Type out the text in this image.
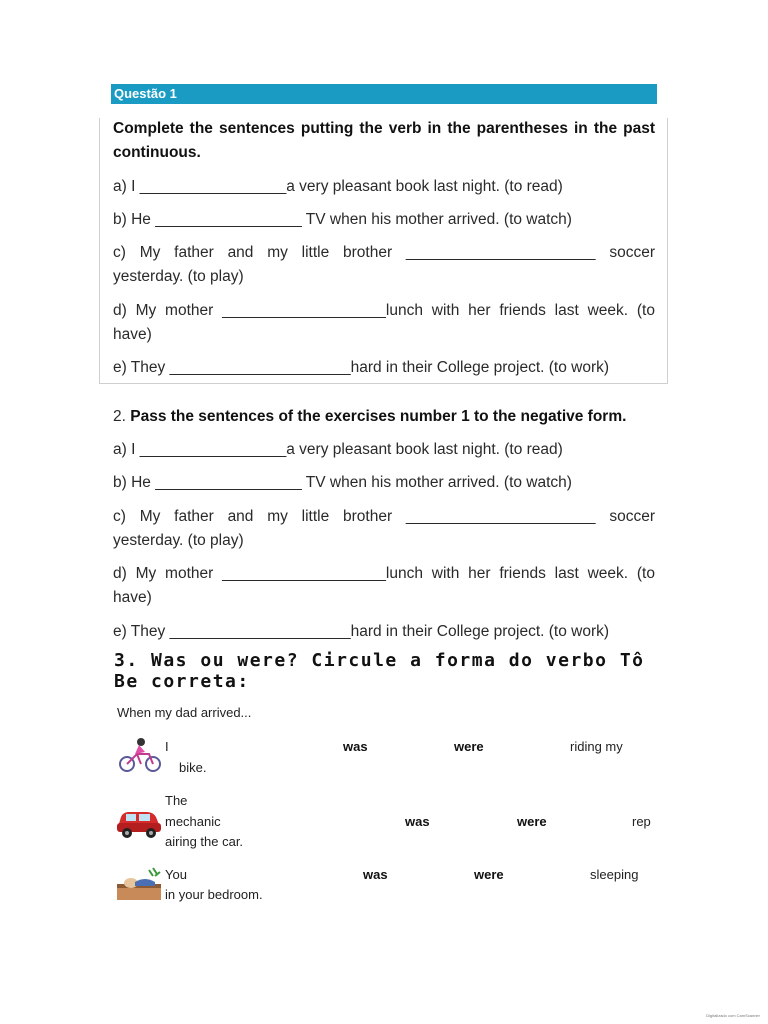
Questão 1
Complete the sentences putting the verb in the parentheses in the past continuous.
a) I _________________a very pleasant book last night. (to read)
b) He _________________ TV when his mother arrived. (to watch)
c) My father and my little brother ______________________ soccer
yesterday. (to play)
d) My mother ___________________lunch with her friends last week. (to
have)
e) They _____________________hard in their College project. (to work)
2. Pass the sentences of the exercises number 1 to the negative form.
a) I _________________a very pleasant book last night. (to read)
b) He _________________ TV when his mother arrived. (to watch)
c) My father and my little brother ______________________ soccer
yesterday. (to play)
d) My mother ___________________lunch with her friends last week. (to
have)
e) They _____________________hard in their College project. (to work)
3. Was ou were? Circule a forma do verbo Tô
Be correta:
When my dad arrived...
I	was	were	riding my
bike.
The
mechanic	was	were	rep
airing the car.
You	was	were	sleeping
in your bedroom.
Digitalizado com CamScanner
